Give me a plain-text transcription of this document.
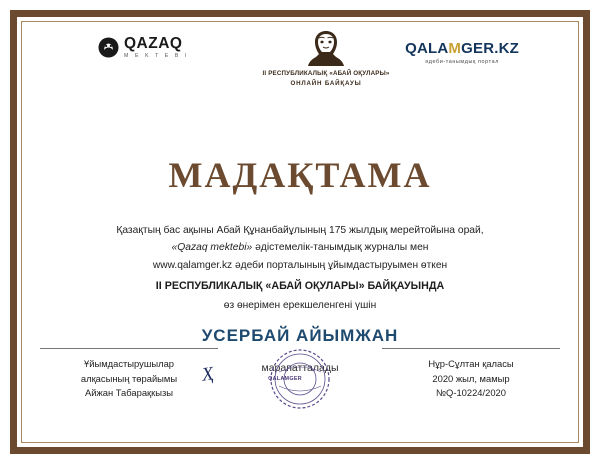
QAZAQ
M E K T E B I
II РЕСПУБЛИКАЛЫҚ «АБАЙ ОҚУЛАРЫ»
ОНЛАЙН БАЙҚАУЫ
QALAMGER.KZ
әдеби-танымдық портал
МАДАҚТАМА
Қазақтың бас ақыны Абай Құнанбайұлының 175 жылдық мерейтойына орай,
«Qazaq mektebi» әдістемелік-танымдық журналы мен
www.qalamger.kz әдеби порталының ұйымдастыруымен өткен
II РЕСПУБЛИКАЛЫҚ «АБАЙ ОҚУЛАРЫ» БАЙҚАУЫНДА
өз өнерімен ерекшеленгені үшін
УСЕРБАЙ АЙЫМЖАН
марапатталады
Ұйымдастырушылар
алқасының төрайымы
Айжан Табарақкызы
Ҳ	QALAMGER
Нұр-Сұлтан қаласы
2020 жыл, мамыр
№Q-10224/2020
